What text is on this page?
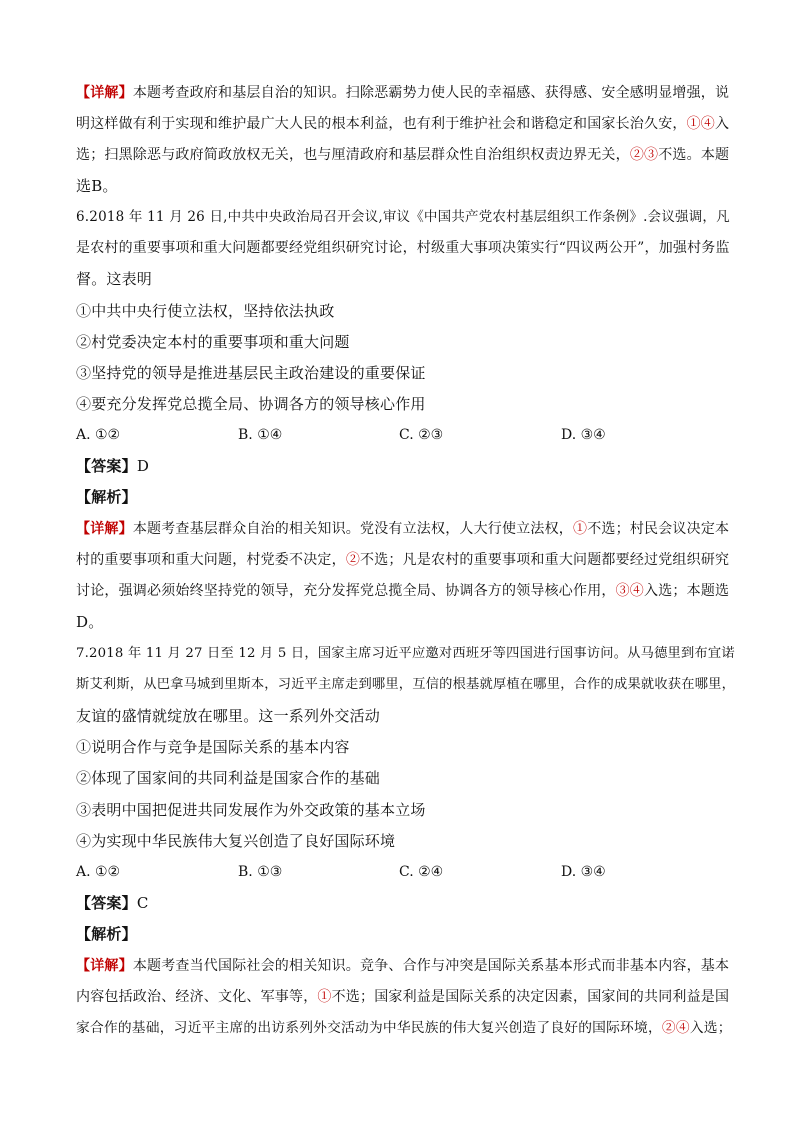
【详解】本题考查政府和基层自治的知识。扫除恶霸势力使人民的幸福感、获得感、安全感明显增强，说
明这样做有利于实现和维护最广大人民的根本利益，也有利于维护社会和谐稳定和国家长治久安，①④入
选；扫黑除恶与政府简政放权无关，也与厘清政府和基层群众性自治组织权责边界无关，②③不选。本题
选B。
6.2018 年 11 月 26 日,中共中央政治局召开会议,审议《中国共产党农村基层组织工作条例》.会议强调，凡
是农村的重要事项和重大问题都要经党组织研究讨论，村级重大事项决策实行“四议两公开”，加强村务监
督。这表明
①中共中央行使立法权，坚持依法执政
②村党委决定本村的重要事项和重大问题
③坚持党的领导是推进基层民主政治建设的重要保证
④要充分发挥党总揽全局、协调各方的领导核心作用
A. ①②	B. ①④	C. ②③	D. ③④
【答案】D
【解析】
【详解】本题考查基层群众自治的相关知识。党没有立法权，人大行使立法权，①不选；村民会议决定本
村的重要事项和重大问题，村党委不决定，②不选；凡是农村的重要事项和重大问题都要经过党组织研究
讨论，强调必须始终坚持党的领导，充分发挥党总揽全局、协调各方的领导核心作用，③④入选；本题选
D。
7.2018 年 11 月 27 日至 12 月 5 日，国家主席习近平应邀对西班牙等四国进行国事访问。从马德里到布宜诺
斯艾利斯，从巴拿马城到里斯本，习近平主席走到哪里，互信的根基就厚植在哪里，合作的成果就收获在哪里，
友谊的盛情就绽放在哪里。这一系列外交活动
①说明合作与竞争是国际关系的基本内容
②体现了国家间的共同利益是国家合作的基础
③表明中国把促进共同发展作为外交政策的基本立场
④为实现中华民族伟大复兴创造了良好国际环境
A. ①②	B. ①③	C. ②④	D. ③④
【答案】C
【解析】
【详解】本题考查当代国际社会的相关知识。竞争、合作与冲突是国际关系基本形式而非基本内容，基本
内容包括政治、经济、文化、军事等，①不选；国家利益是国际关系的决定因素，国家间的共同利益是国
家合作的基础，习近平主席的出访系列外交活动为中华民族的伟大复兴创造了良好的国际环境，②④入选；
